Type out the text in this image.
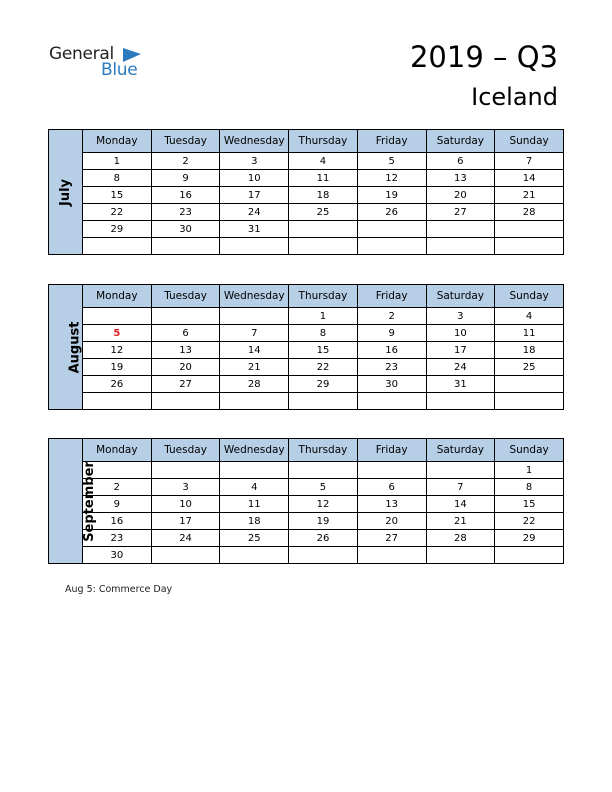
General
Blue	2019 – Q3
Iceland
July	Monday	Tuesday	Wednesday	Thursday	Friday	Saturday	Sunday
	1	2	3	4	5	6	7
	8	9	10	11	12	13	14
	15	16	17	18	19	20	21
	22	23	24	25	26	27	28
	29	30	31				

August	Monday	Tuesday	Wednesday	Thursday	Friday	Saturday	Sunday
				1	2	3	4
	5	6	7	8	9	10	11
	12	13	14	15	16	17	18
	19	20	21	22	23	24	25
	26	27	28	29	30	31	

September	Monday	Tuesday	Wednesday	Thursday	Friday	Saturday	Sunday
							1
	2	3	4	5	6	7	8
	9	10	11	12	13	14	15
	16	17	18	19	20	21	22
	23	24	25	26	27	28	29
	30						
Aug 5: Commerce Day
